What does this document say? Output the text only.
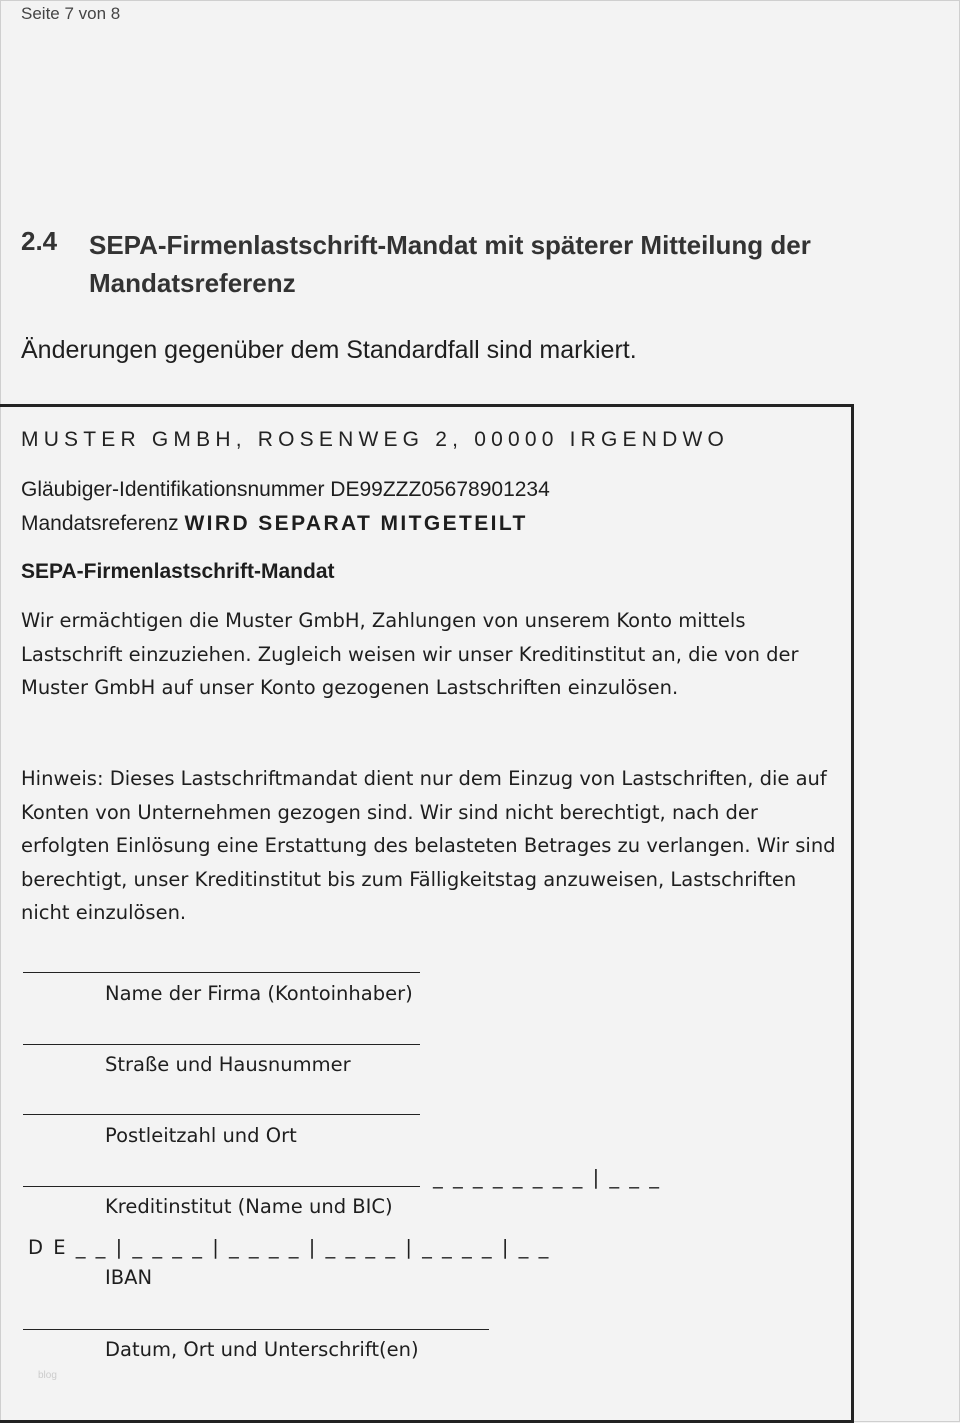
Seite 7 von 8
2.4 SEPA-Firmenlastschrift-Mandat mit späterer Mitteilung der Mandatsreferenz
Änderungen gegenüber dem Standardfall sind markiert.
MUSTER GMBH, ROSENWEG 2, 00000 IRGENDWO
Gläubiger-Identifikationsnummer DE99ZZZ05678901234
Mandatsreferenz WIRD SEPARAT MITGETEILT
SEPA-Firmenlastschrift-Mandat
Wir ermächtigen die Muster GmbH, Zahlungen von unserem Konto mittels Lastschrift einzuziehen. Zugleich weisen wir unser Kreditinstitut an, die von der Muster GmbH auf unser Konto gezogenen Lastschriften einzulösen.
Hinweis: Dieses Lastschriftmandat dient nur dem Einzug von Lastschriften, die auf Konten von Unternehmen gezogen sind. Wir sind nicht berechtigt, nach der erfolgten Einlösung eine Erstattung des belasteten Betrages zu verlangen. Wir sind berechtigt, unser Kreditinstitut bis zum Fälligkeitstag anzuweisen, Lastschriften nicht einzulösen.
Name der Firma (Kontoinhaber)
Straße und Hausnummer
Postleitzahl und Ort
_ _ _ _ _ _ _ _ | _ _ _
Kreditinstitut (Name und BIC)
D E _ _ | _ _ _ _ | _ _ _ _ | _ _ _ _ | _ _ _ _ | _ _
IBAN
Datum, Ort und Unterschrift(en)
blog
